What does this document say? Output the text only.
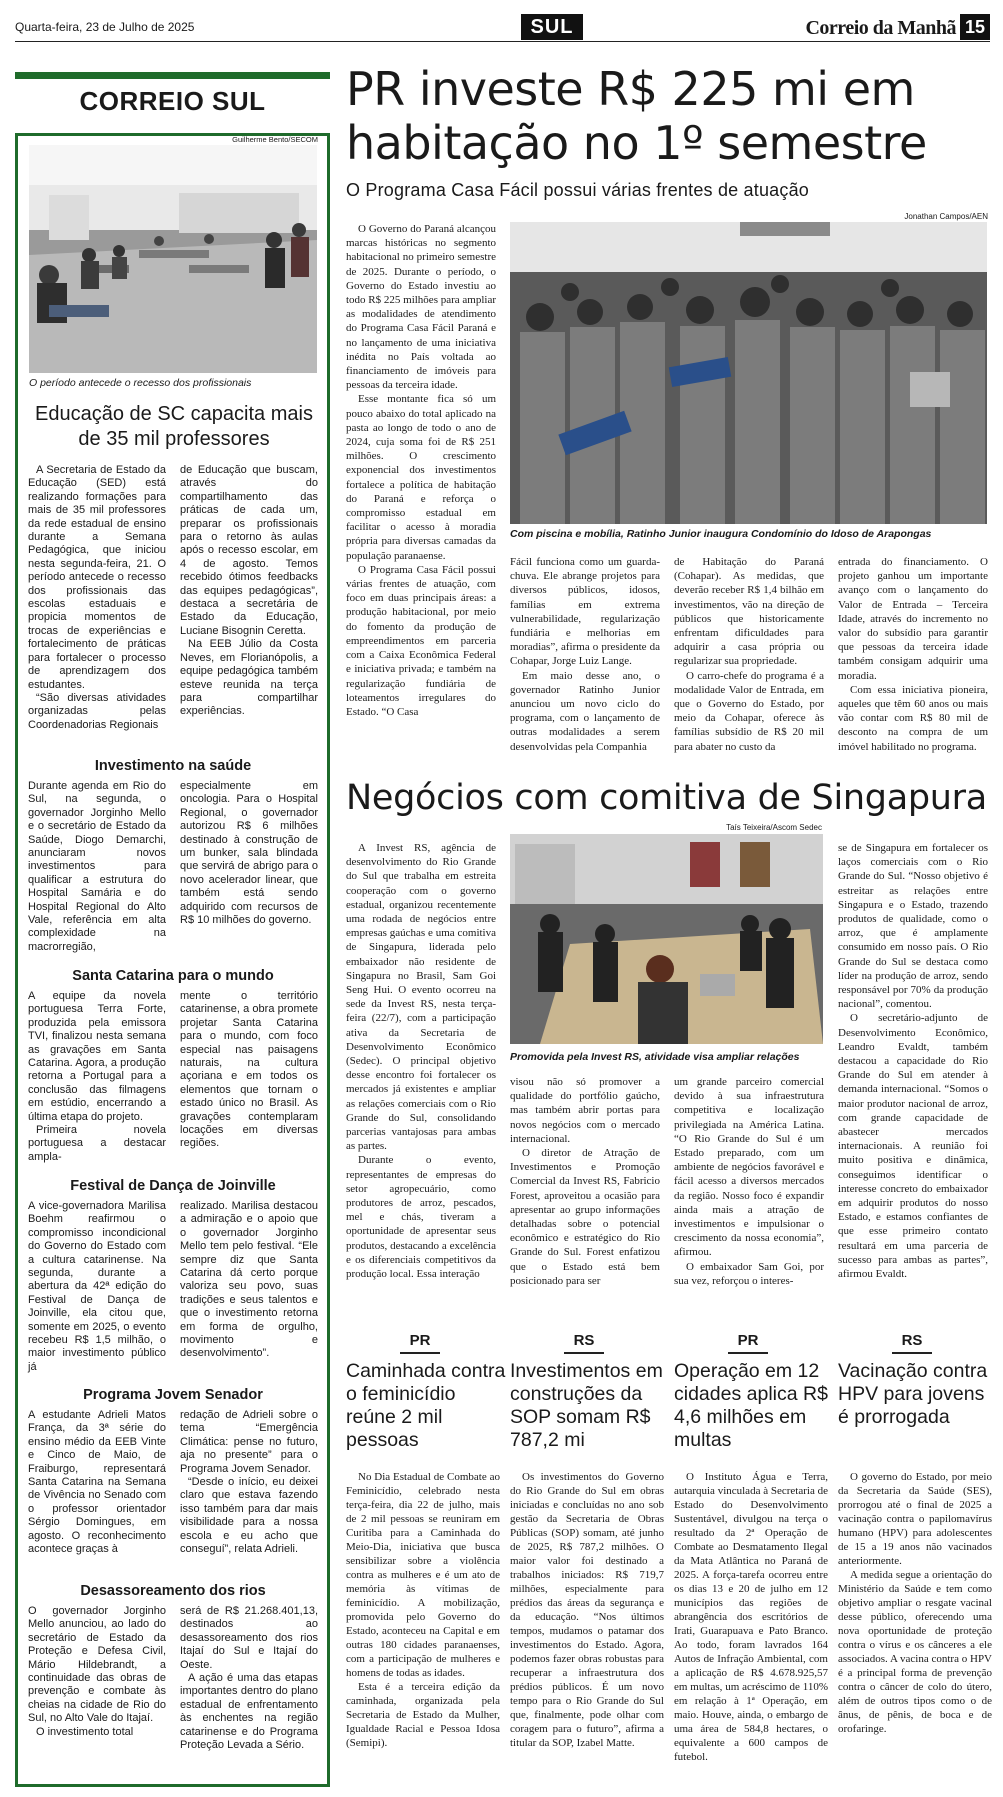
Quarta-feira, 23 de Julho de 2025	SUL	Correio da Manhã 15
CORREIO SUL
Guilherme Bento/SECOM
O período antecede o recesso dos profissionais
Educação de SC capacita mais de 35 mil professores

A Secretaria de Estado da Educação (SED) está realizando formações para mais de 35 mil professores da rede estadual de ensino durante a Semana Pedagógica, que iniciou nesta segunda-feira, 21. O período antecede o recesso dos profissionais das escolas estaduais e propicia momentos de trocas de experiências e fortalecimento de práticas para fortalecer o processo de aprendizagem dos estudantes.

“São diversas atividades organizadas pelas Coordenadorias Regionais

de Educação que buscam, através do compartilhamento das práticas de cada um, preparar os profissionais para o retorno às aulas após o recesso escolar, em 4 de agosto. Temos recebido ótimos feedbacks das equipes pedagógicas”, destaca a secretária de Estado da Educação, Luciane Bisognin Ceretta.

Na EEB Júlio da Costa Neves, em Florianópolis, a equipe pedagógica também esteve reunida na terça para compartilhar experiências.

Investimento na saúde
Durante agenda em Rio do Sul, na segunda, o governador Jorginho Mello e o secretário de Estado da Saúde, Diogo Demarchi, anunciaram novos investimentos para qualificar a estrutura do Hospital Samária e do Hospital Regional do Alto Vale, referência em alta complexidade na macrorregião,
especialmente em oncologia. Para o Hospital Regional, o governador autorizou R$ 6 milhões destinado à construção de um bunker, sala blindada que servirá de abrigo para o novo acelerador linear, que também está sendo adquirido com recursos de R$ 10 milhões do governo.
Santa Catarina para o mundo

A equipe da novela portuguesa Terra Forte, produzida pela emissora TVI, finalizou nesta semana as gravações em Santa Catarina. Agora, a produção retorna a Portugal para a conclusão das filmagens em estúdio, encerrando a última etapa do projeto.

Primeira novela portuguesa a destacar ampla-

mente o território catarinense, a obra promete projetar Santa Catarina para o mundo, com foco especial nas paisagens naturais, na cultura açoriana e em todos os elementos que tornam o estado único no Brasil. As gravações contemplaram locações em diversas regiões.
Festival de Dança de Joinville
A vice-governadora Marilisa Boehm reafirmou o compromisso incondicional do Governo do Estado com a cultura catarinense. Na segunda, durante a abertura da 42ª edição do Festival de Dança de Joinville, ela citou que, somente em 2025, o evento recebeu R$ 1,5 milhão, o maior investimento público já
realizado. Marilisa destacou a admiração e o apoio que o governador Jorginho Mello tem pelo festival. “Ele sempre diz que Santa Catarina dá certo porque valoriza seu povo, suas tradições e seus talentos e que o investimento retorna em forma de orgulho, movimento e desenvolvimento”.
Programa Jovem Senador
A estudante Adrieli Matos França, da 3ª série do ensino médio da EEB Vinte e Cinco de Maio, de Fraiburgo, representará Santa Catarina na Semana de Vivência no Senado com o professor orientador Sérgio Domingues, em agosto. O reconhecimento acontece graças à

redação de Adrieli sobre o tema “Emergência Climática: pense no futuro, aja no presente” para o Programa Jovem Senador.

“Desde o início, eu deixei claro que estava fazendo isso também para dar mais visibilidade para a nossa escola e eu acho que conseguí”, relata Adrieli.

Desassoreamento dos rios

O governador Jorginho Mello anunciou, ao lado do secretário de Estado da Proteção e Defesa Civil, Mário Hildebrandt, a continuidade das obras de prevenção e combate às cheias na cidade de Rio do Sul, no Alto Vale do Itajaí.

O investimento total

será de R$ 21.268.401,13, destinados ao desassoreamento dos rios Itajaí do Sul e Itajaí do Oeste.

A ação é uma das etapas importantes dentro do plano estadual de enfrentamento às enchentes na região catarinense e do Programa Proteção Levada a Sério.

PR investe R$ 225 mi em habitação no 1º semestre
O Programa Casa Fácil possui várias frentes de atuação
Jonathan Campos/AEN
Com piscina e mobília, Ratinho Junior inaugura Condomínio do Idoso de Arapongas

O Governo do Paraná alcançou marcas históricas no segmento habitacional no primeiro semestre de 2025. Durante o período, o Governo do Estado investiu ao todo R$ 225 milhões para ampliar as modalidades de atendimento do Programa Casa Fácil Paraná e no lançamento de uma iniciativa inédita no País voltada ao financiamento de imóveis para pessoas da terceira idade.

Esse montante fica só um pouco abaixo do total aplicado na pasta ao longo de todo o ano de 2024, cuja soma foi de R$ 251 milhões. O crescimento exponencial dos investimentos fortalece a política de habitação do Paraná e reforça o compromisso estadual em facilitar o acesso à moradia própria para diversas camadas da população paranaense.

O Programa Casa Fácil possui várias frentes de atuação, com foco em duas principais áreas: a produção habitacional, por meio do fomento da produção de empreendimentos em parceria com a Caixa Econômica Federal e iniciativa privada; e também na regularização fundiária de loteamentos irregulares do Estado. “O Casa

Fácil funciona como um guarda-chuva. Ele abrange projetos para diversos públicos, idosos, famílias em extrema vulnerabilidade, regularização fundiária e melhorias em moradias”, afirma o presidente da Cohapar, Jorge Luiz Lange.

Em maio desse ano, o governador Ratinho Junior anunciou um novo ciclo do programa, com o lançamento de outras modalidades a serem desenvolvidas pela Companhia

de Habitação do Paraná (Cohapar). As medidas, que deverão receber R$ 1,4 bilhão em investimentos, vão na direção de públicos que historicamente enfrentam dificuldades para adquirir a casa própria ou regularizar sua propriedade.

O carro-chefe do programa é a modalidade Valor de Entrada, em que o Governo do Estado, por meio da Cohapar, oferece às famílias subsídio de R$ 20 mil para abater no custo da

entrada do financiamento. O projeto ganhou um importante avanço com o lançamento do Valor de Entrada – Terceira Idade, através do incremento no valor do subsídio para garantir que pessoas da terceira idade também consigam adquirir uma moradia.

Com essa iniciativa pioneira, aqueles que têm 60 anos ou mais vão contar com R$ 80 mil de desconto na compra de um imóvel habilitado no programa.

Negócios com comitiva de Singapura
Taís Teixeira/Ascom Sedec
Promovida pela Invest RS, atividade visa ampliar relações

A Invest RS, agência de desenvolvimento do Rio Grande do Sul que trabalha em estreita cooperação com o governo estadual, organizou recentemente uma rodada de negócios entre empresas gaúchas e uma comitiva de Singapura, liderada pelo embaixador não residente de Singapura no Brasil, Sam Goi Seng Hui. O evento ocorreu na sede da Invest RS, nesta terça-feira (22/7), com a participação ativa da Secretaria de Desenvolvimento Econômico (Sedec). O principal objetivo desse encontro foi fortalecer os mercados já existentes e ampliar as relações comerciais com o Rio Grande do Sul, consolidando parcerias vantajosas para ambas as partes.

Durante o evento, representantes de empresas do setor agropecuário, como produtores de arroz, pescados, mel e chás, tiveram a oportunidade de apresentar seus produtos, destacando a excelência e os diferenciais competitivos da produção local. Essa interação

visou não só promover a qualidade do portfólio gaúcho, mas também abrir portas para novos negócios com o mercado internacional.

O diretor de Atração de Investimentos e Promoção Comercial da Invest RS, Fabricio Forest, aproveitou a ocasião para apresentar ao grupo informações detalhadas sobre o potencial econômico e estratégico do Rio Grande do Sul. Forest enfatizou que o Estado está bem posicionado para ser

um grande parceiro comercial devido à sua infraestrutura competitiva e localização privilegiada na América Latina. “O Rio Grande do Sul é um Estado preparado, com um ambiente de negócios favorável e fácil acesso a diversos mercados da região. Nosso foco é expandir ainda mais a atração de investimentos e impulsionar o crescimento da nossa economia”, afirmou.

O embaixador Sam Goi, por sua vez, reforçou o interes-

se de Singapura em fortalecer os laços comerciais com o Rio Grande do Sul. “Nosso objetivo é estreitar as relações entre Singapura e o Estado, trazendo produtos de qualidade, como o arroz, que é amplamente consumido em nosso país. O Rio Grande do Sul se destaca como líder na produção de arroz, sendo responsável por 70% da produção nacional”, comentou.

O secretário-adjunto de Desenvolvimento Econômico, Leandro Evaldt, também destacou a capacidade do Rio Grande do Sul em atender à demanda internacional. “Somos o maior produtor nacional de arroz, com grande capacidade de abastecer mercados internacionais. A reunião foi muito positiva e dinâmica, conseguimos identificar o interesse concreto do embaixador em adquirir produtos do nosso Estado, e estamos confiantes de que esse primeiro contato resultará em uma parceria de sucesso para ambas as partes”, afirmou Evaldt.

PR
Caminhada contra o feminicídio reúne 2 mil pessoas

No Dia Estadual de Combate ao Feminicídio, celebrado nesta terça-feira, dia 22 de julho, mais de 2 mil pessoas se reuniram em Curitiba para a Caminhada do Meio-Dia, iniciativa que busca sensibilizar sobre a violência contra as mulheres e é um ato de memória às vítimas de feminicídio. A mobilização, promovida pelo Governo do Estado, aconteceu na Capital e em outras 180 cidades paranaenses, com a participação de mulheres e homens de todas as idades.

Esta é a terceira edição da caminhada, organizada pela Secretaria de Estado da Mulher, Igualdade Racial e Pessoa Idosa (Semipi).

RS
Investimentos em construções da SOP somam R$ 787,2 mi

Os investimentos do Governo do Rio Grande do Sul em obras iniciadas e concluídas no ano sob gestão da Secretaria de Obras Públicas (SOP) somam, até junho de 2025, R$ 787,2 milhões. O maior valor foi destinado a trabalhos iniciados: R$ 719,7 milhões, especialmente para prédios das áreas da segurança e da educação. “Nos últimos tempos, mudamos o patamar dos investimentos do Estado. Agora, podemos fazer obras robustas para recuperar a infraestrutura dos prédios públicos. É um novo tempo para o Rio Grande do Sul que, finalmente, pode olhar com coragem para o futuro”, afirma a titular da SOP, Izabel Matte.

PR
Operação em 12 cidades aplica R$ 4,6 milhões em multas

O Instituto Água e Terra, autarquia vinculada à Secretaria de Estado do Desenvolvimento Sustentável, divulgou na terça o resultado da 2ª Operação de Combate ao Desmatamento Ilegal da Mata Atlântica no Paraná de 2025. A força-tarefa ocorreu entre os dias 13 e 20 de julho em 12 municípios das regiões de abrangência dos escritórios de Irati, Guarapuava e Pato Branco. Ao todo, foram lavrados 164 Autos de Infração Ambiental, com a aplicação de R$ 4.678.925,57 em multas, um acréscimo de 110% em relação à 1ª Operação, em maio. Houve, ainda, o embargo de uma área de 584,8 hectares, o equivalente a 600 campos de futebol.

RS
Vacinação contra HPV para jovens é prorrogada

O governo do Estado, por meio da Secretaria da Saúde (SES), prorrogou até o final de 2025 a vacinação contra o papilomavírus humano (HPV) para adolescentes de 15 a 19 anos não vacinados anteriormente.

A medida segue a orientação do Ministério da Saúde e tem como objetivo ampliar o resgate vacinal desse público, oferecendo uma nova oportunidade de proteção contra o vírus e os cânceres a ele associados. A vacina contra o HPV é a principal forma de prevenção contra o câncer de colo do útero, além de outros tipos como o de ânus, de pênis, de boca e de orofaringe.
